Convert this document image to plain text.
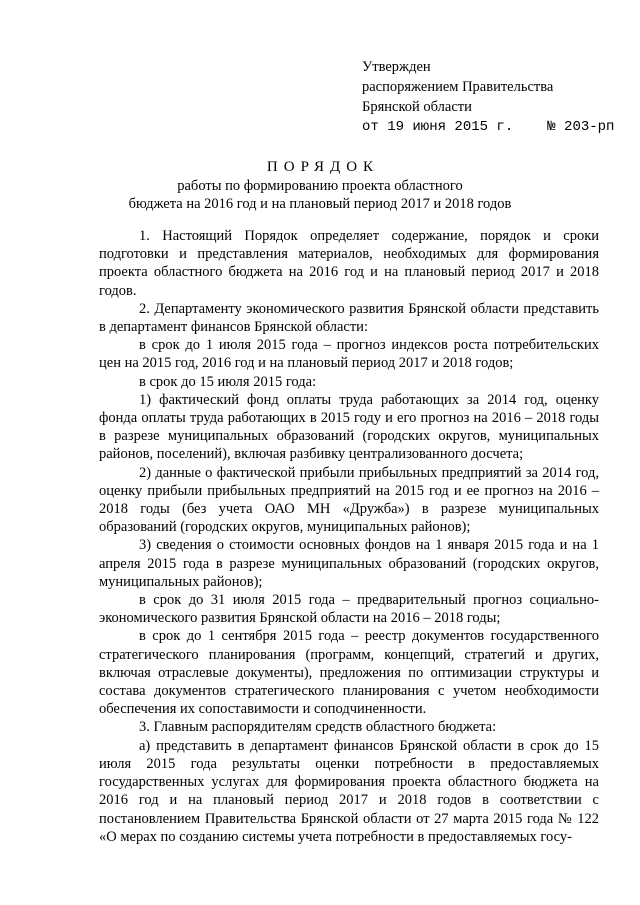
Утвержден
распоряжением Правительства
Брянской области
от 19 июня 2015 г. № 203-рп
ПОРЯДОК
работы по формированию проекта областного
бюджета на 2016 год и на плановый период 2017 и 2018 годов

1. Настоящий Порядок определяет содержание, порядок и сроки подготовки и представления материалов, необходимых для формирования проекта областного бюджета на 2016 год и на плановый период 2017 и 2018 годов.

2. Департаменту экономического развития Брянской области представить в департамент финансов Брянской области:

в срок до 1 июля 2015 года – прогноз индексов роста потребительских цен на 2015 год, 2016 год и на плановый период 2017 и 2018 годов;

в срок до 15 июля 2015 года:

1) фактический фонд оплаты труда работающих за 2014 год, оценку фонда оплаты труда работающих в 2015 году и его прогноз на 2016 – 2018 годы в разрезе муниципальных образований (городских округов, муниципальных районов, поселений), включая разбивку централизованного досчета;

2) данные о фактической прибыли прибыльных предприятий за 2014 год, оценку прибыли прибыльных предприятий на 2015 год и ее прогноз на 2016 – 2018 годы (без учета ОАО МН «Дружба») в разрезе муниципальных образований (городских округов, муниципальных районов);

3) сведения о стоимости основных фондов на 1 января 2015 года и на 1 апреля 2015 года в разрезе муниципальных образований (городских округов, муниципальных районов);

в срок до 31 июля 2015 года – предварительный прогноз социально-экономического развития Брянской области на 2016 – 2018 годы;

в срок до 1 сентября 2015 года – реестр документов государственного стратегического планирования (программ, концепций, стратегий и других, включая отраслевые документы), предложения по оптимизации структуры и состава документов стратегического планирования с учетом необходимости обеспечения их сопоставимости и соподчиненности.

3. Главным распорядителям средств областного бюджета:

а) представить в департамент финансов Брянской области в срок до 15 июля 2015 года результаты оценки потребности в предоставляемых государственных услугах для формирования проекта областного бюджета на 2016 год и на плановый период 2017 и 2018 годов в соответствии с постановлением Правительства Брянской области от 27 марта 2015 года № 122 «О мерах по созданию системы учета потребности в предоставляемых госу-
